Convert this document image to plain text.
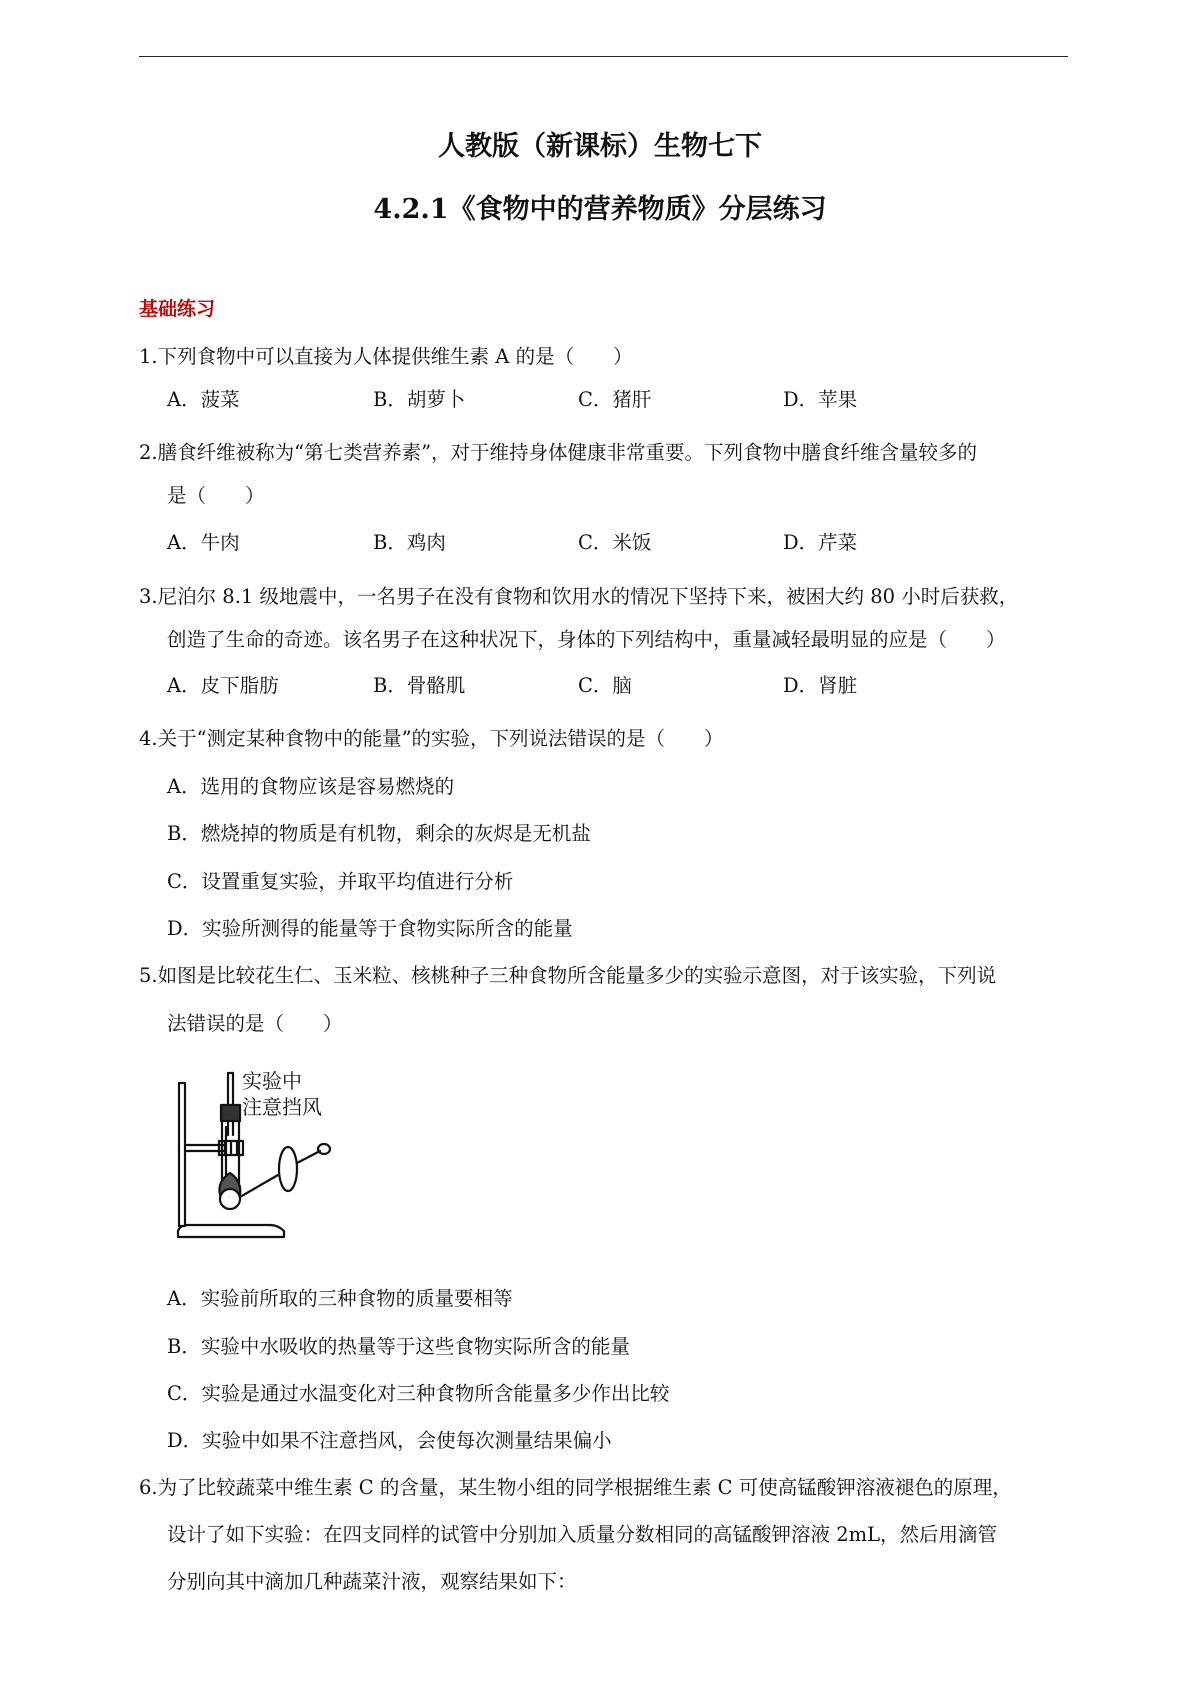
人教版（新课标）生物七下
4.2.1《食物中的营养物质》分层练习
基础练习
1.下列食物中可以直接为人体提供维生素 A 的是（　　）
A．菠菜	B．胡萝卜	C．猪肝	D．苹果
2.膳食纤维被称为“第七类营养素”，对于维持身体健康非常重要。下列食物中膳食纤维含量较多的
是（　　）
A．牛肉	B．鸡肉	C．米饭	D．芹菜
3.尼泊尔 8.1 级地震中，一名男子在没有食物和饮用水的情况下坚持下来，被困大约 80 小时后获救，
创造了生命的奇迹。该名男子在这种状况下，身体的下列结构中，重量减轻最明显的应是（　　）
A．皮下脂肪	B．骨骼肌	C．脑	D．肾脏
4.关于“测定某种食物中的能量”的实验，下列说法错误的是（　　）
A．选用的食物应该是容易燃烧的
B．燃烧掉的物质是有机物，剩余的灰烬是无机盐
C．设置重复实验，并取平均值进行分析
D．实验所测得的能量等于食物实际所含的能量
5.如图是比较花生仁、玉米粒、核桃种子三种食物所含能量多少的实验示意图，对于该实验，下列说
法错误的是（　　）
实验中
注意挡风
A．实验前所取的三种食物的质量要相等
B．实验中水吸收的热量等于这些食物实际所含的能量
C．实验是通过水温变化对三种食物所含能量多少作出比较
D．实验中如果不注意挡风，会使每次测量结果偏小
6.为了比较蔬菜中维生素 C 的含量，某生物小组的同学根据维生素 C 可使高锰酸钾溶液褪色的原理，
设计了如下实验：在四支同样的试管中分别加入质量分数相同的高锰酸钾溶液 2mL，然后用滴管
分别向其中滴加几种蔬菜汁液，观察结果如下：
